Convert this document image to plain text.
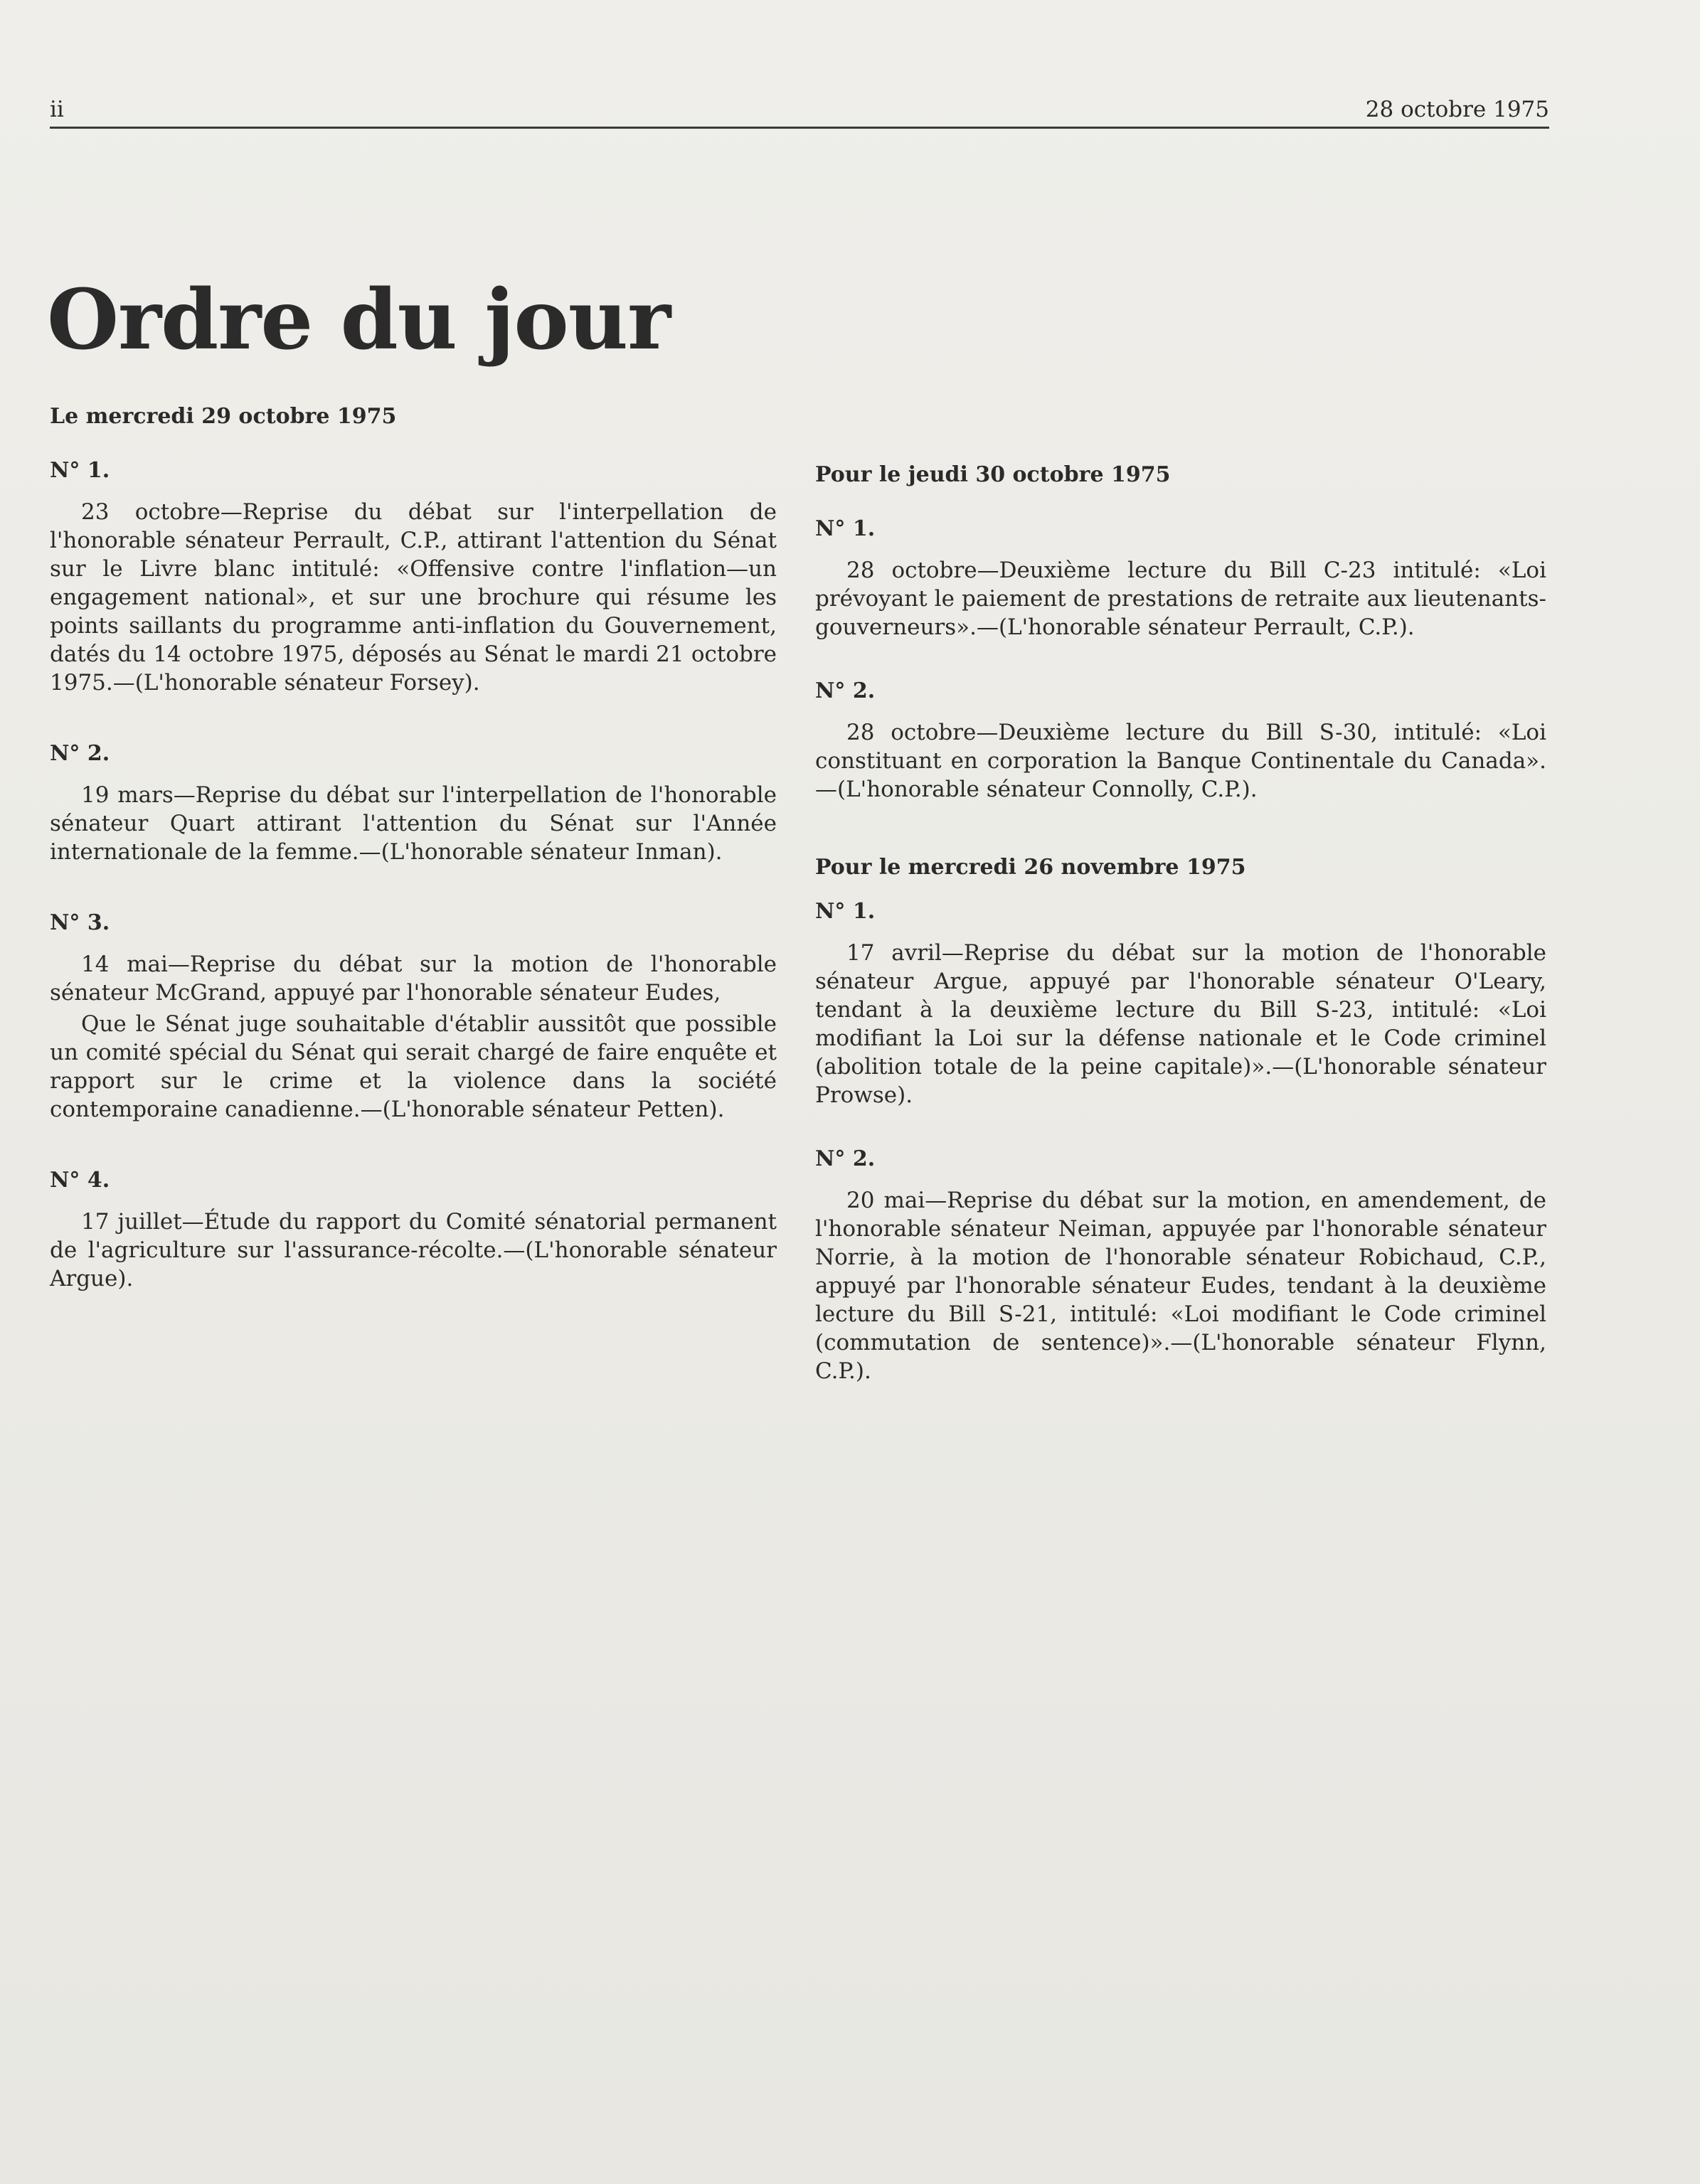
ii	28 octobre 1975
Ordre du jour
Le mercredi 29 octobre 1975
N° 1.

23 octobre—Reprise du débat sur l'interpellation de l'honorable sénateur Perrault, C.P., attirant l'attention du Sénat sur le Livre blanc intitulé: «Offensive contre l'inflation—un engagement national», et sur une brochure qui résume les points saillants du programme anti-inflation du Gouvernement, datés du 14 octobre 1975, déposés au Sénat le mardi 21 octobre 1975.—(L'honorable sénateur Forsey).

N° 2.

19 mars—Reprise du débat sur l'interpellation de l'honorable sénateur Quart attirant l'attention du Sénat sur l'Année internationale de la femme.—(L'honorable sénateur Inman).

N° 3.

14 mai—Reprise du débat sur la motion de l'honorable sénateur McGrand, appuyé par l'honorable sénateur Eudes,

Que le Sénat juge souhaitable d'établir aussitôt que possible un comité spécial du Sénat qui serait chargé de faire enquête et rapport sur le crime et la violence dans la société contemporaine canadienne.—(L'honorable sénateur Petten).

N° 4.

17 juillet—Étude du rapport du Comité sénatorial permanent de l'agriculture sur l'assurance-récolte.—(L'honorable sénateur Argue).

Pour le jeudi 30 octobre 1975
N° 1.

28 octobre—Deuxième lecture du Bill C-23 intitulé: «Loi prévoyant le paiement de prestations de retraite aux lieutenants-gouverneurs».—(L'honorable sénateur Perrault, C.P.).

N° 2.

28 octobre—Deuxième lecture du Bill S-30, intitulé: «Loi constituant en corporation la Banque Continentale du Canada».—(L'honorable sénateur Connolly, C.P.).

Pour le mercredi 26 novembre 1975
N° 1.

17 avril—Reprise du débat sur la motion de l'honorable sénateur Argue, appuyé par l'honorable sénateur O'Leary, tendant à la deuxième lecture du Bill S-23, intitulé: «Loi modifiant la Loi sur la défense nationale et le Code criminel (abolition totale de la peine capitale)».—(L'honorable sénateur Prowse).

N° 2.

20 mai—Reprise du débat sur la motion, en amendement, de l'honorable sénateur Neiman, appuyée par l'honorable sénateur Norrie, à la motion de l'honorable sénateur Robichaud, C.P., appuyé par l'honorable sénateur Eudes, tendant à la deuxième lecture du Bill S-21, intitulé: «Loi modifiant le Code criminel (commutation de sentence)».—(L'honorable sénateur Flynn, C.P.).
